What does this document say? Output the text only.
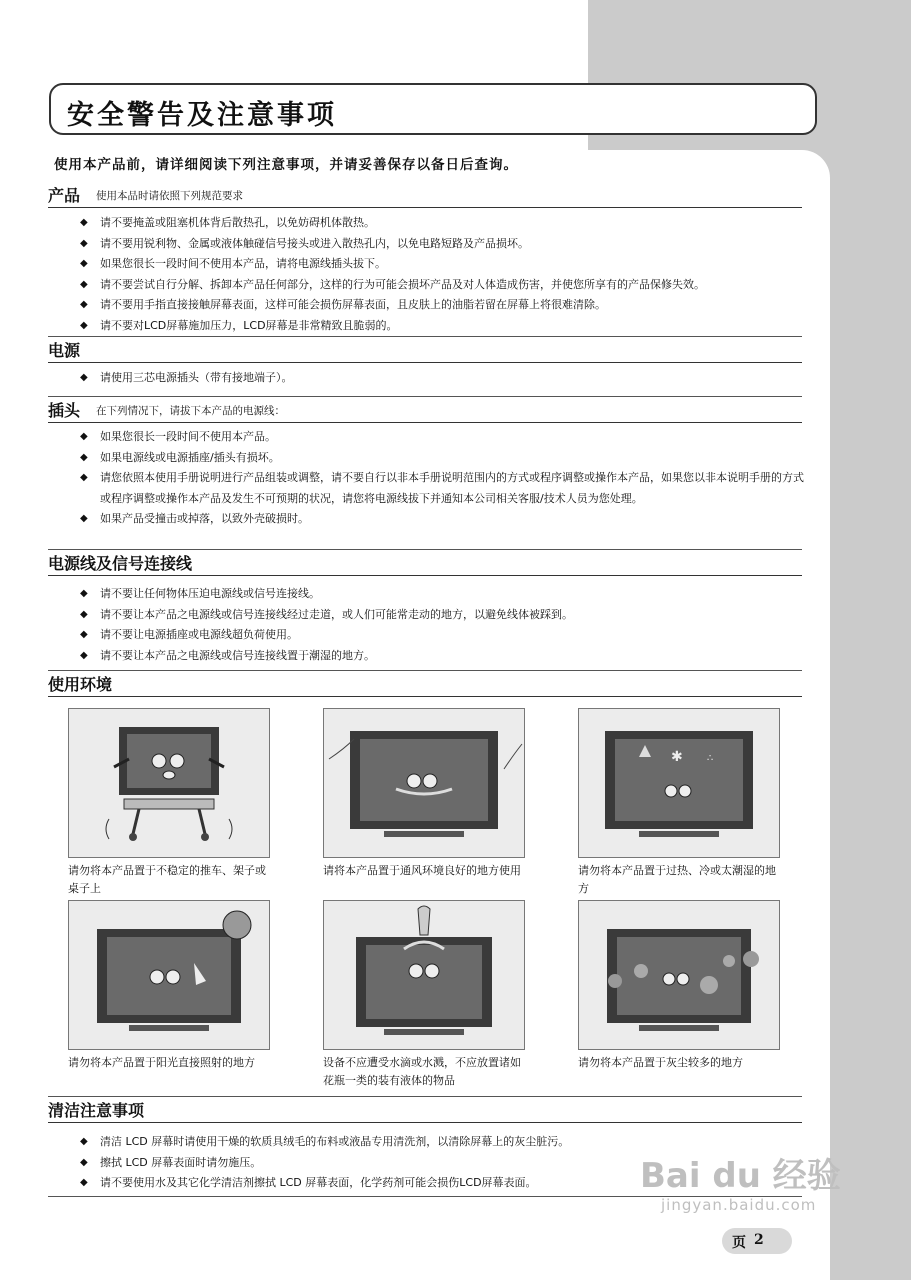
安全警告及注意事项
使用本产品前，请详细阅读下列注意事项，并请妥善保存以备日后查询。
产品 使用本品时请依照下列规范要求
◆ 请不要掩盖或阻塞机体背后散热孔，以免妨碍机体散热。
◆ 请不要用锐利物、金属或液体触碰信号接头或进入散热孔内，以免电路短路及产品损坏。
◆ 如果您很长一段时间不使用本产品，请将电源线插头拔下。
◆ 请不要尝试自行分解、拆卸本产品任何部分，这样的行为可能会损坏产品及对人体造成伤害，并使您所享有的产品保修失效。
◆ 请不要用手指直接接触屏幕表面，这样可能会损伤屏幕表面，且皮肤上的油脂若留在屏幕上将很难清除。
◆ 请不要对LCD屏幕施加压力，LCD屏幕是非常精致且脆弱的。
电源
◆ 请使用三芯电源插头（带有接地端子）。
插头 在下列情况下，请拔下本产品的电源线：
◆ 如果您很长一段时间不使用本产品。
◆ 如果电源线或电源插座/插头有损坏。
◆ 请您依照本使用手册说明进行产品组装或调整，请不要自行以非本手册说明范围内的方式或程序调整或操作本产品，如果您以非本说明手册的方式或程序调整或操作本产品及发生不可预期的状况，请您将电源线拔下并通知本公司相关客服/技术人员为您处理。
◆ 如果产品受撞击或掉落，以致外壳破损时。
电源线及信号连接线
◆ 请不要让任何物体压迫电源线或信号连接线。
◆ 请不要让本产品之电源线或信号连接线经过走道，或人们可能常走动的地方，以避免线体被踩到。
◆ 请不要让电源插座或电源线超负荷使用。
◆ 请不要让本产品之电源线或信号连接线置于潮湿的地方。
使用环境
✱ ∴
请勿将本产品置于不稳定的推车、架子或桌子上
请将本产品置于通风环境良好的地方使用	请勿将本产品置于过热、冷或太潮湿的地方
请勿将本产品置于阳光直接照射的地方	设备不应遭受水滴或水溅，不应放置诸如花瓶一类的装有液体的物品
请勿将本产品置于灰尘较多的地方
清洁注意事项
◆ 清洁 LCD 屏幕时请使用干燥的软质具绒毛的布料或液晶专用清洗剂，以清除屏幕上的灰尘脏污。
◆ 擦拭 LCD 屏幕表面时请勿施压。
◆ 请不要使用水及其它化学清洁剂擦拭 LCD 屏幕表面，化学药剂可能会损伤LCD屏幕表面。	Bai du 经验
jingyan.baidu.com
页 2
